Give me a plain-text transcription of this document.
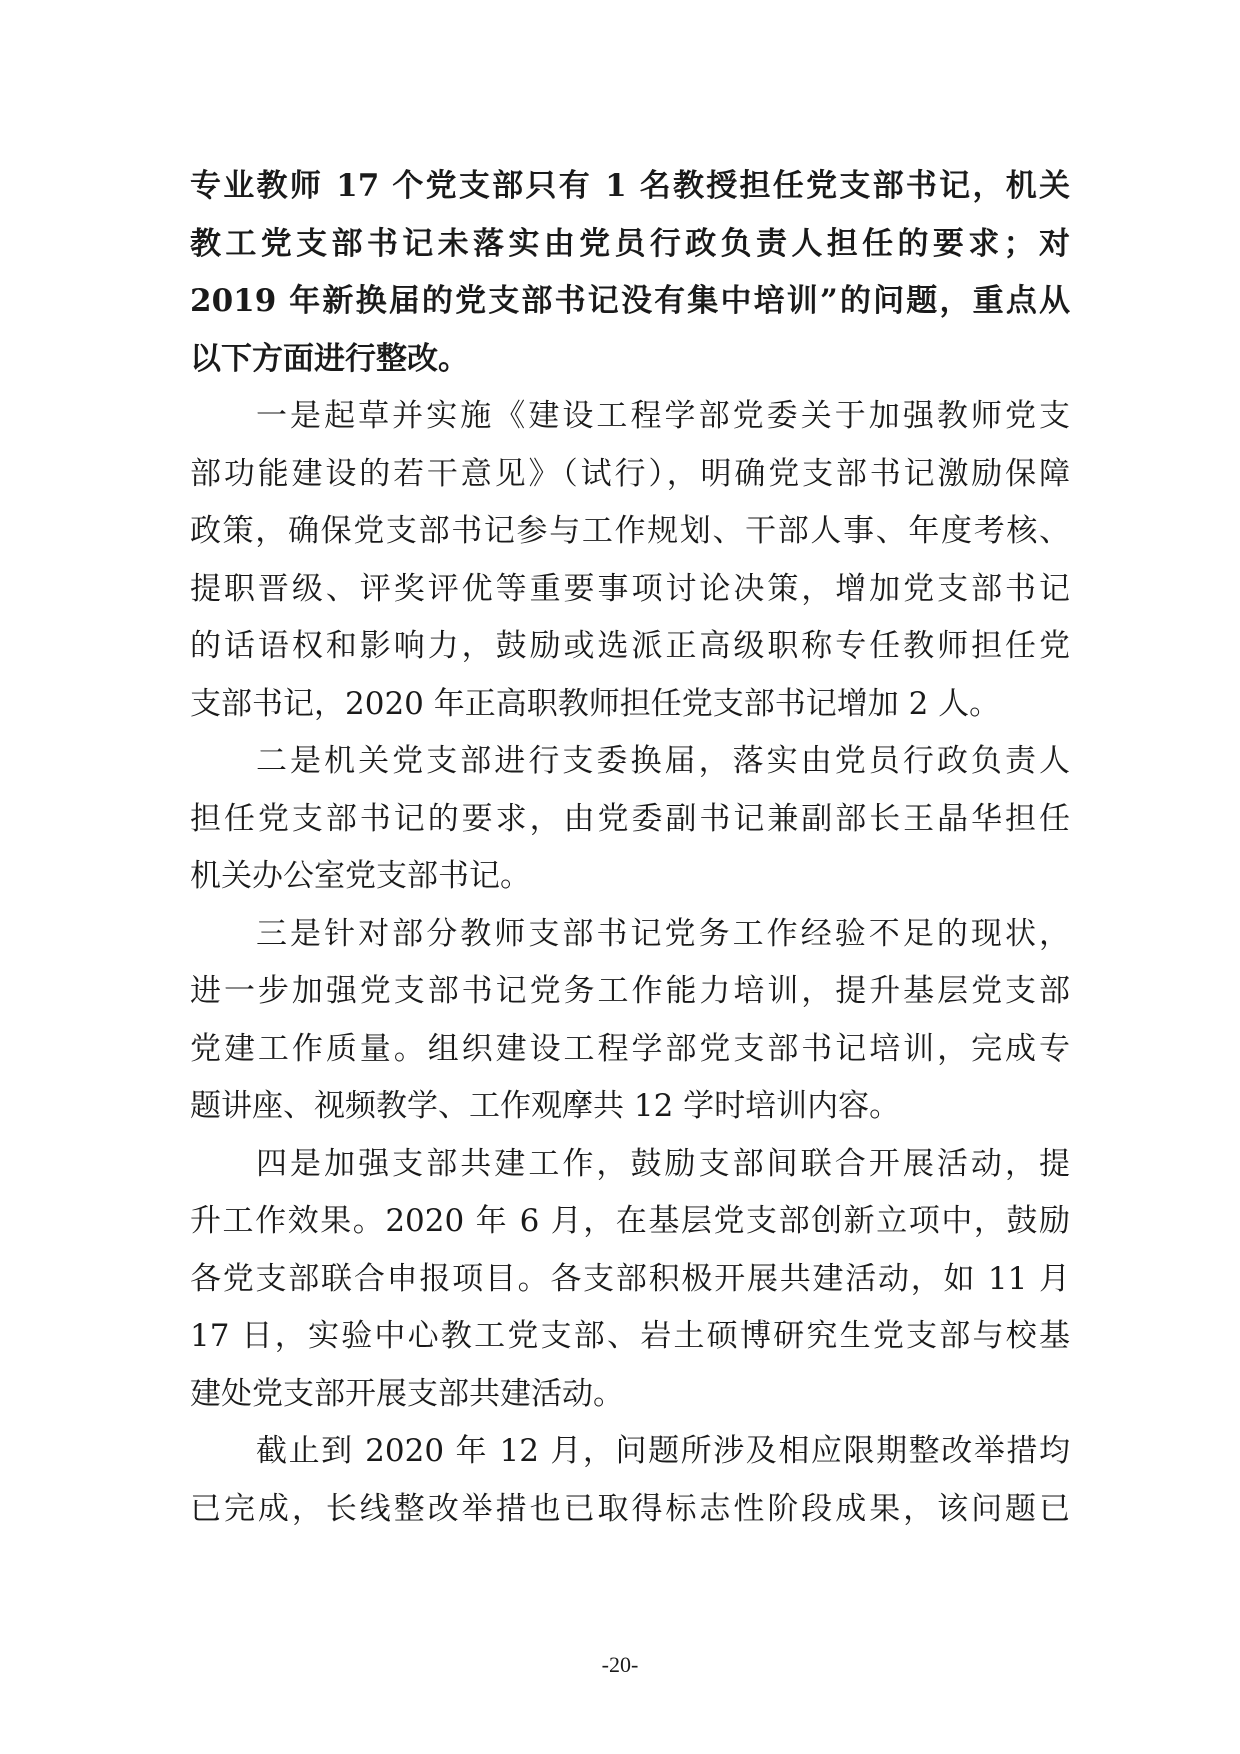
专业教师 17 个党支部只有 1 名教授担任党支部书记，机关
教工党支部书记未落实由党员行政负责人担任的要求；对
2019 年新换届的党支部书记没有集中培训”的问题，重点从
以下方面进行整改。
一是起草并实施《建设工程学部党委关于加强教师党支
部功能建设的若干意见》（试行），明确党支部书记激励保障
政策，确保党支部书记参与工作规划、干部人事、年度考核、
提职晋级、评奖评优等重要事项讨论决策，增加党支部书记
的话语权和影响力，鼓励或选派正高级职称专任教师担任党
支部书记，2020 年正高职教师担任党支部书记增加 2 人。
二是机关党支部进行支委换届，落实由党员行政负责人
担任党支部书记的要求，由党委副书记兼副部长王晶华担任
机关办公室党支部书记。
三是针对部分教师支部书记党务工作经验不足的现状，
进一步加强党支部书记党务工作能力培训，提升基层党支部
党建工作质量。组织建设工程学部党支部书记培训，完成专
题讲座、视频教学、工作观摩共 12 学时培训内容。
四是加强支部共建工作，鼓励支部间联合开展活动，提
升工作效果。2020 年 6 月，在基层党支部创新立项中，鼓励
各党支部联合申报项目。各支部积极开展共建活动，如 11 月
17 日，实验中心教工党支部、岩土硕博研究生党支部与校基
建处党支部开展支部共建活动。
截止到 2020 年 12 月，问题所涉及相应限期整改举措均
已完成，长线整改举措也已取得标志性阶段成果，该问题已
-20-
